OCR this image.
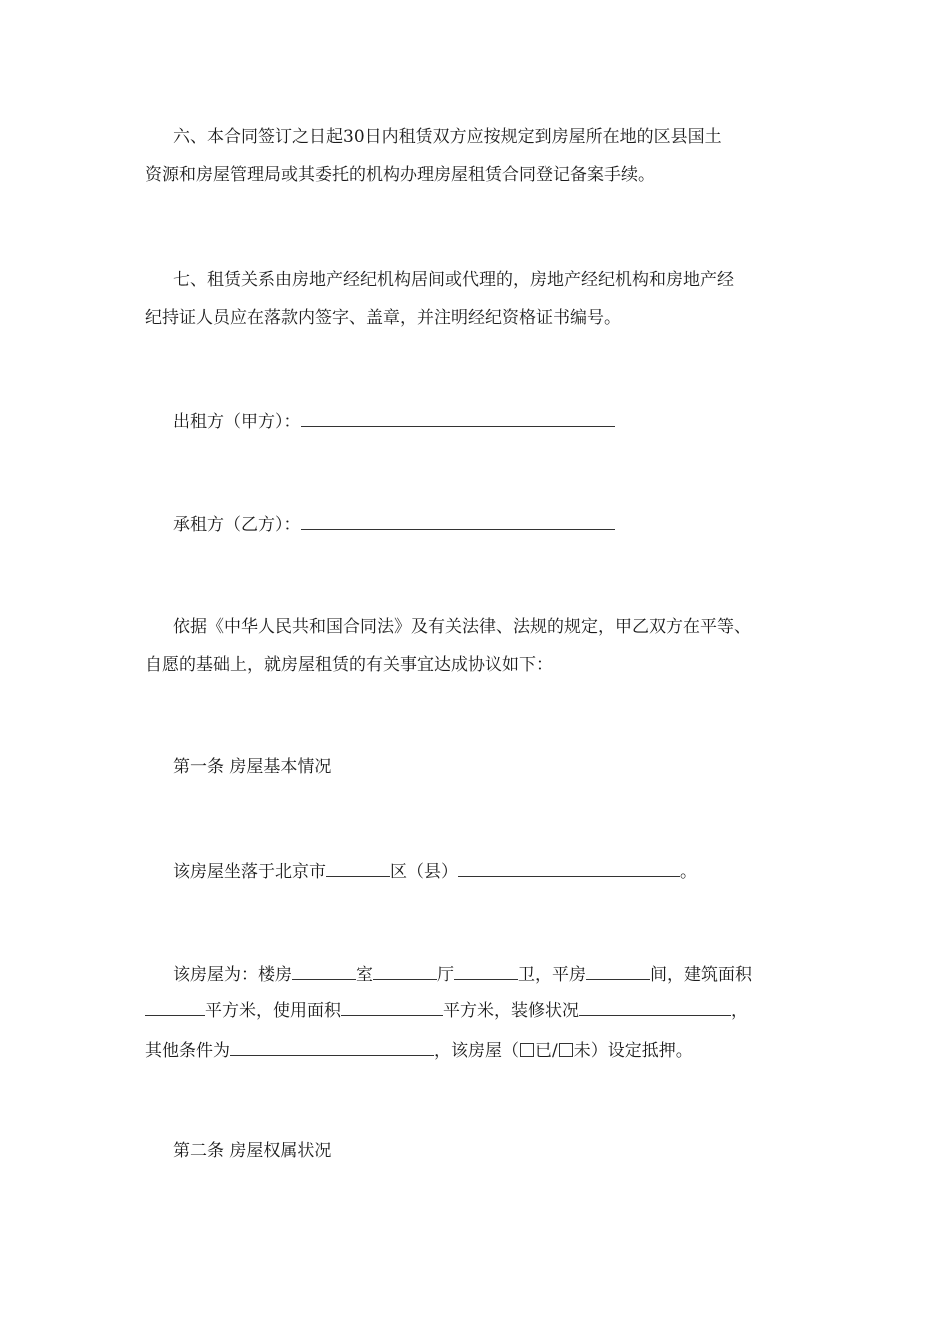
六、本合同签订之日起30日内租赁双方应按规定到房屋所在地的区县国土
资源和房屋管理局或其委托的机构办理房屋租赁合同登记备案手续。
七、租赁关系由房地产经纪机构居间或代理的，房地产经纪机构和房地产经
纪持证人员应在落款内签字、盖章，并注明经纪资格证书编号。
出租方（甲方）：
承租方（乙方）：
依据《中华人民共和国合同法》及有关法律、法规的规定，甲乙双方在平等、
自愿的基础上，就房屋租赁的有关事宜达成协议如下：
第一条 房屋基本情况
该房屋坐落于北京市	区（县）	。
该房屋为：楼房	室	厅	卫，平房	间，建筑面积
平方米，使用面积	平方米，装修状况	，
其他条件为	，该房屋（ 已/ 未）设定抵押。
第二条 房屋权属状况
